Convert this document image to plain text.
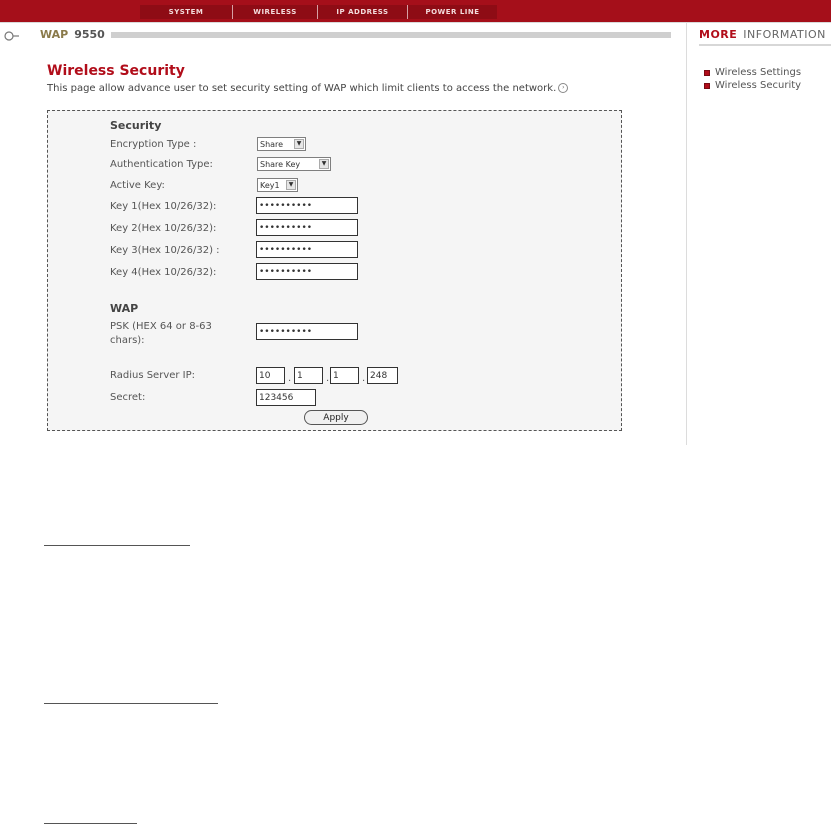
SYSTEM	WIRELESS	IP ADDRESS	POWER LINE
WAP 9550	MORE INFORMATION
Wireless Settings
Wireless Security
Wireless Security
This page allow advance user to set security setting of WAP which limit clients to access the network. ›
Security
Encryption Type :	Share	▼
Authentication Type:	Share Key	▼
Active Key:	Key1	▼
Key 1(Hex 10/26/32):	••••••••••
Key 2(Hex 10/26/32):	••••••••••
Key 3(Hex 10/26/32) :	••••••••••
Key 4(Hex 10/26/32):	••••••••••
WAP
PSK (HEX 64 or 8-63 chars):
••••••••••
Radius Server IP:	10	. 1	. 1	. 248
Secret:	123456
Apply
